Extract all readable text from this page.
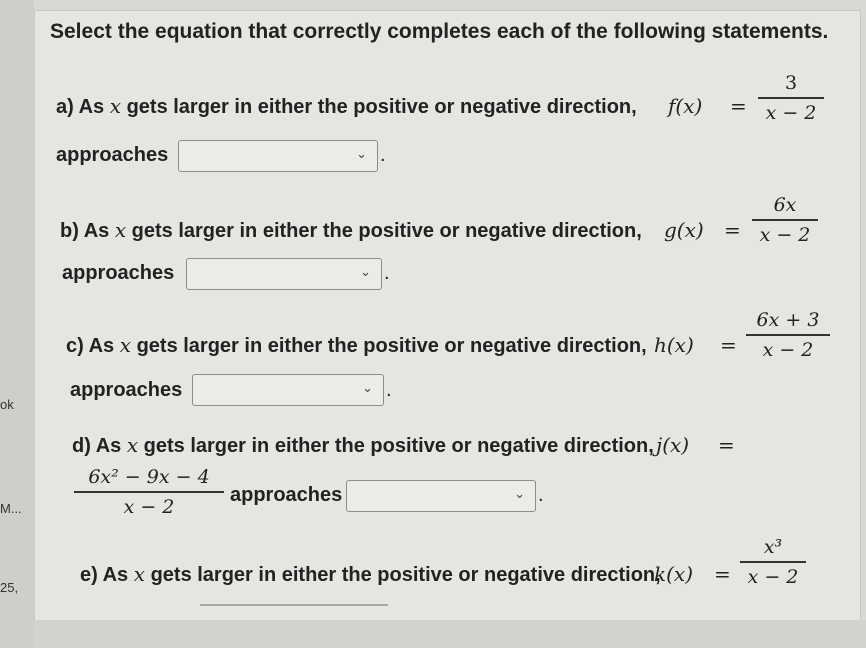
ok
M...
25,
Select the equation that correctly completes each of the following statements.
a) As x gets larger in either the positive or negative direction, f(x) =
3
x − 2
approaches	⌄ .
b) As x gets larger in either the positive or negative direction, g(x) =
6x
x − 2
approaches	⌄ .
c) As x gets larger in either the positive or negative direction, h(x) =
6x + 3
x − 2
approaches	⌄ .
d) As x gets larger in either the positive or negative direction, j(x) =
6x² − 9x − 4
x − 2
approaches	⌄ .
e) As x gets larger in either the positive or negative direction,
k(x) =
x³
x − 2
